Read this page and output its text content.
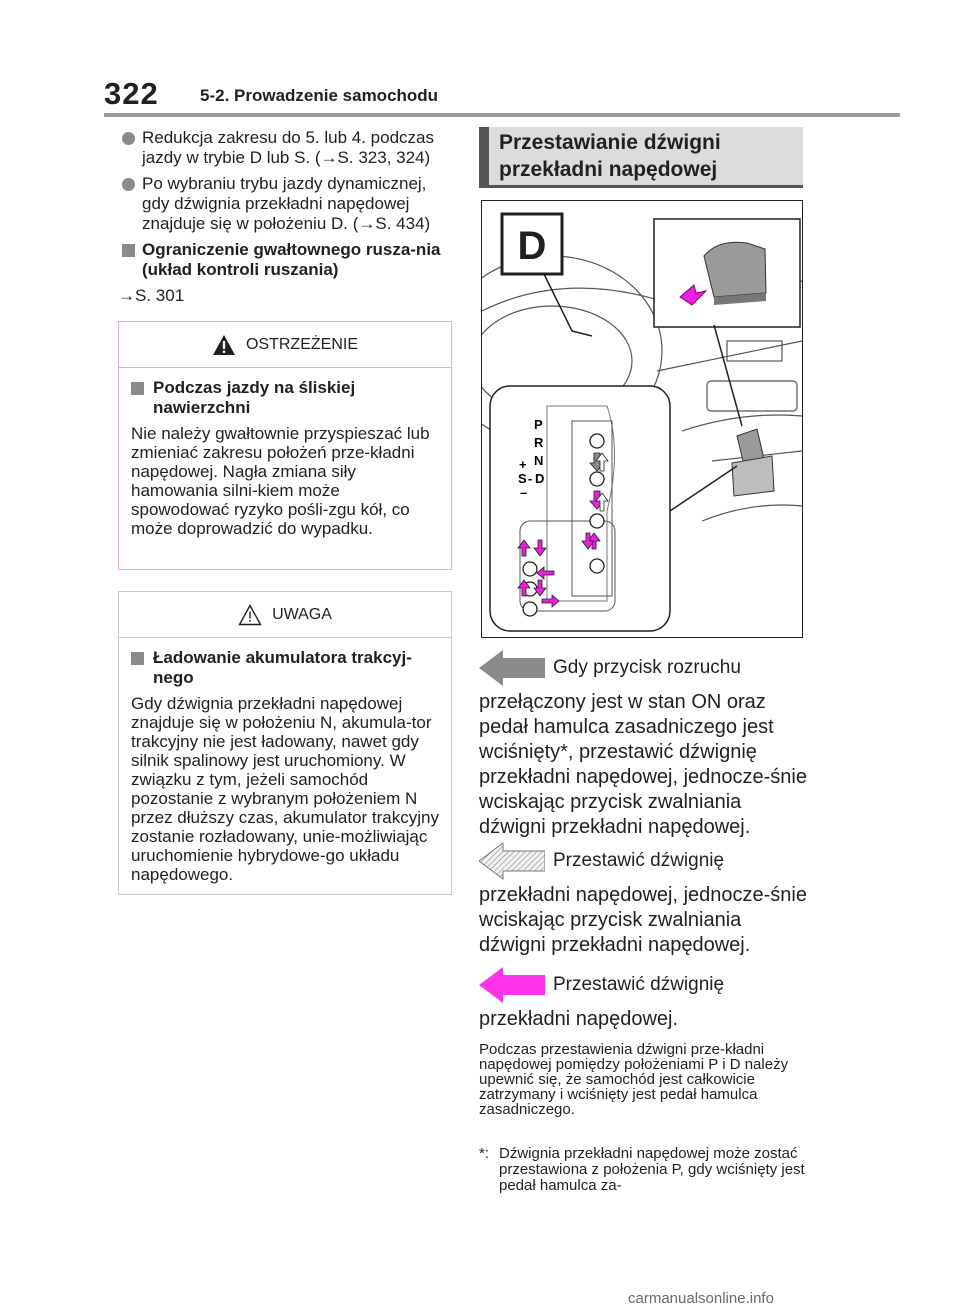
322 5-2. Prowadzenie samochodu
Redukcja zakresu do 5. lub 4. podczas jazdy w trybie D lub S. (→S. 323, 324)
Po wybraniu trybu jazdy dynamicznej, gdy dźwignia przekładni napędowej znajduje się w położeniu D. (→S. 434)
Ograniczenie gwałtownego rusza-nia (układ kontroli ruszania)
→S. 301
OSTRZEŻENIE
Podczas jazdy na śliskiej nawierzchni

Nie należy gwałtownie przyspieszać lub zmieniać zakresu położeń prze-kładni napędowej. Nagła zmiana siły hamowania silni-kiem może spowodować ryzyko pośli-zgu kół, co może doprowadzić do wypadku.

UWAGA
Ładowanie akumulatora trakcyj-nego

Gdy dźwignia przekładni napędowej znajduje się w położeniu N, akumula-tor trakcyjny nie jest ładowany, nawet gdy silnik spalinowy jest uruchomiony. W związku z tym, jeżeli samochód pozostanie z wybranym położeniem N przez dłuższy czas, akumulator trakcyjny zostanie rozładowany, unie-możliwiając uruchomienie hybrydowe-go układu napędowego.

Przestawianie dźwigni przekładni napędowej
D
P
R
N
+
S - D
–
Gdy przycisk rozruchu

przełączony jest w stan ON oraz pedał hamulca zasadniczego jest wciśnięty*, przestawić dźwignię przekładni napędowej, jednocze-śnie wciskając przycisk zwalniania dźwigni przekładni napędowej.

Przestawić dźwignię

przekładni napędowej, jednocze-śnie wciskając przycisk zwalniania dźwigni przekładni napędowej.

Przestawić dźwignię

przekładni napędowej.

Podczas przestawienia dźwigni prze-kładni napędowej pomiędzy położeniami P i D należy upewnić się, że samochód jest całkowicie zatrzymany i wciśnięty jest pedał hamulca zasadniczego.
*: Dźwignia przekładni napędowej może zostać przestawiona z położenia P, gdy wciśnięty jest pedał hamulca za-
carmanualsonline.info
